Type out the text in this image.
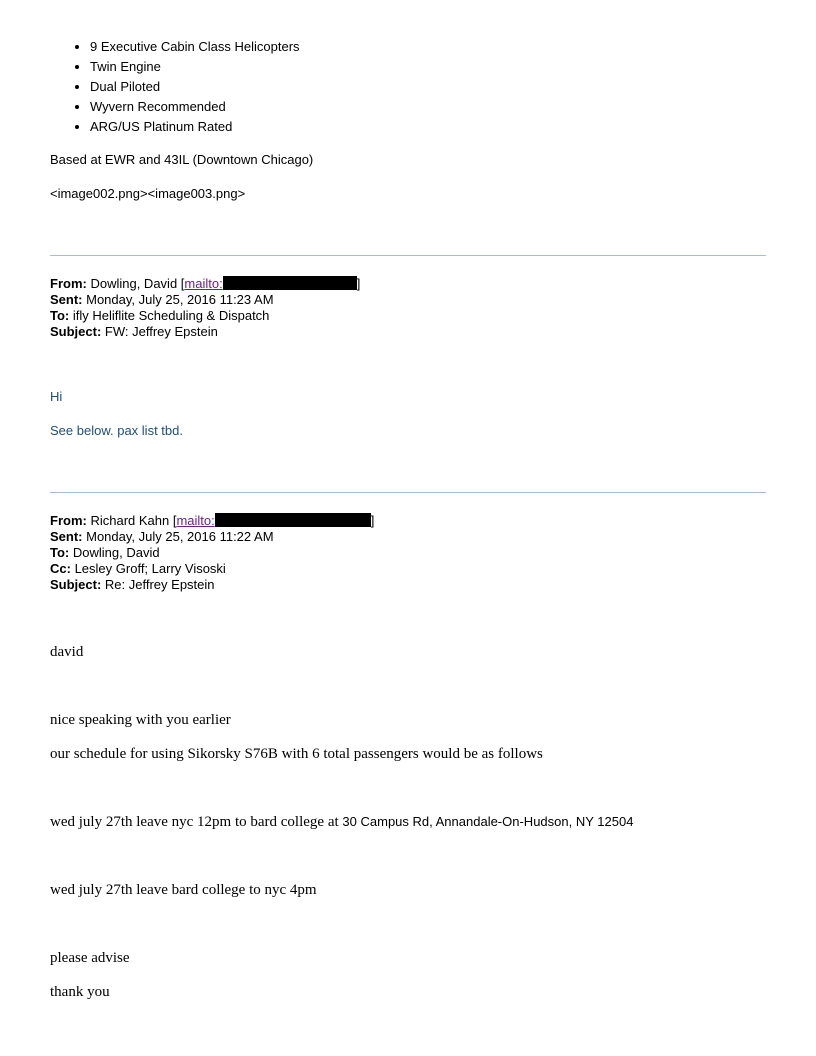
• 9 Executive Cabin Class Helicopters
• Twin Engine
• Dual Piloted
• Wyvern Recommended
• ARG/US Platinum Rated
Based at EWR and 43IL (Downtown Chicago)
<image002.png><image003.png>
From: Dowling, David [mailto:	]
Sent: Monday, July 25, 2016 11:23 AM
To: ifly Heliflite Scheduling & Dispatch
Subject: FW: Jeffrey Epstein
Hi
See below. pax list tbd.
From: Richard Kahn [mailto:	]
Sent: Monday, July 25, 2016 11:22 AM
To: Dowling, David
Cc: Lesley Groff; Larry Visoski
Subject: Re: Jeffrey Epstein
david
nice speaking with you earlier
our schedule for using Sikorsky S76B with 6 total passengers would be as follows
wed july 27th leave nyc 12pm to bard college at 30 Campus Rd, Annandale-On-Hudson, NY 12504
wed july 27th leave bard college to nyc 4pm
please advise
thank you
